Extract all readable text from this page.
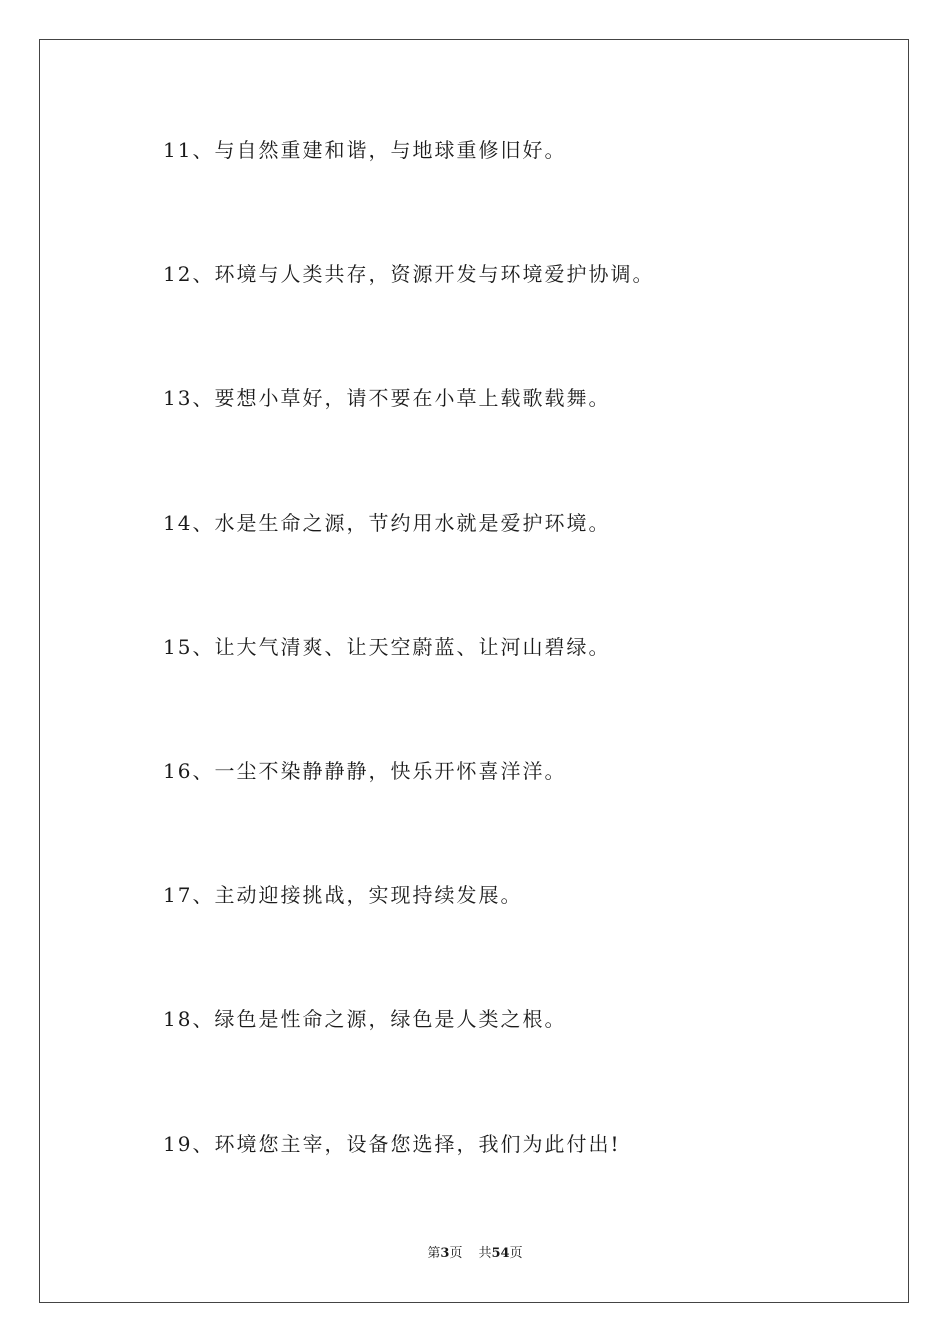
11、与自然重建和谐，与地球重修旧好。
12、环境与人类共存，资源开发与环境爱护协调。
13、要想小草好，请不要在小草上载歌载舞。
14、水是生命之源，节约用水就是爱护环境。
15、让大气清爽、让天空蔚蓝、让河山碧绿。
16、一尘不染静静静，快乐开怀喜洋洋。
17、主动迎接挑战，实现持续发展。
18、绿色是性命之源，绿色是人类之根。
19、环境您主宰，设备您选择，我们为此付出!
第3页 共54页
